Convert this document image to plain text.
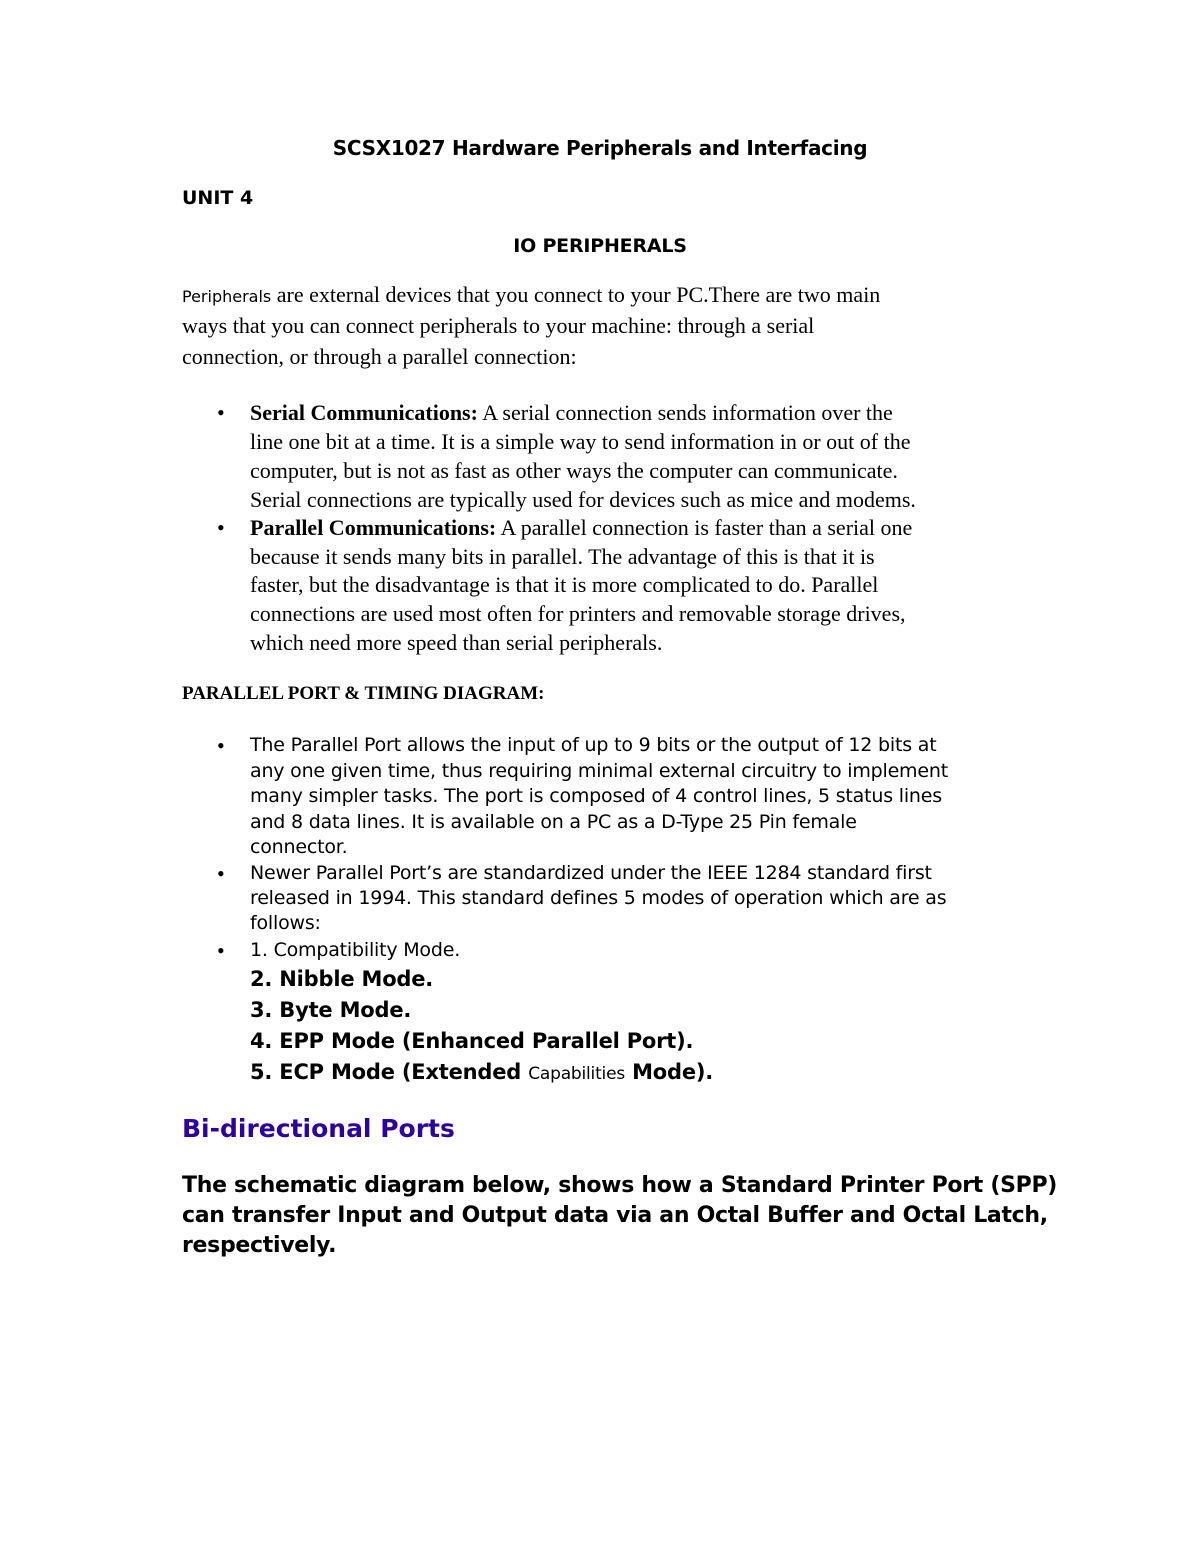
SCSX1027 Hardware Peripherals and Interfacing
UNIT 4
IO PERIPHERALS
Peripherals are external devices that you connect to your PC.There are two main
ways that you can connect peripherals to your machine: through a serial
connection, or through a parallel connection:
• Serial Communications: A serial connection sends information over the
line one bit at a time. It is a simple way to send information in or out of the
computer, but is not as fast as other ways the computer can communicate.
Serial connections are typically used for devices such as mice and modems.
• Parallel Communications: A parallel connection is faster than a serial one
because it sends many bits in parallel. The advantage of this is that it is
faster, but the disadvantage is that it is more complicated to do. Parallel
connections are used most often for printers and removable storage drives,
which need more speed than serial peripherals.
PARALLEL PORT & TIMING DIAGRAM:
• The Parallel Port allows the input of up to 9 bits or the output of 12 bits at
any one given time, thus requiring minimal external circuitry to implement
many simpler tasks. The port is composed of 4 control lines, 5 status lines
and 8 data lines. It is available on a PC as a D-Type 25 Pin female
connector.
• Newer Parallel Port’s are standardized under the IEEE 1284 standard first
released in 1994. This standard defines 5 modes of operation which are as
follows:
• 1. Compatibility Mode.
2. Nibble Mode.
3. Byte Mode.
4. EPP Mode (Enhanced Parallel Port).
5. ECP Mode (Extended Capabilities Mode).
Bi-directional Ports
The schematic diagram below, shows how a Standard Printer Port (SPP)
can transfer Input and Output data via an Octal Buffer and Octal Latch,
respectively.
